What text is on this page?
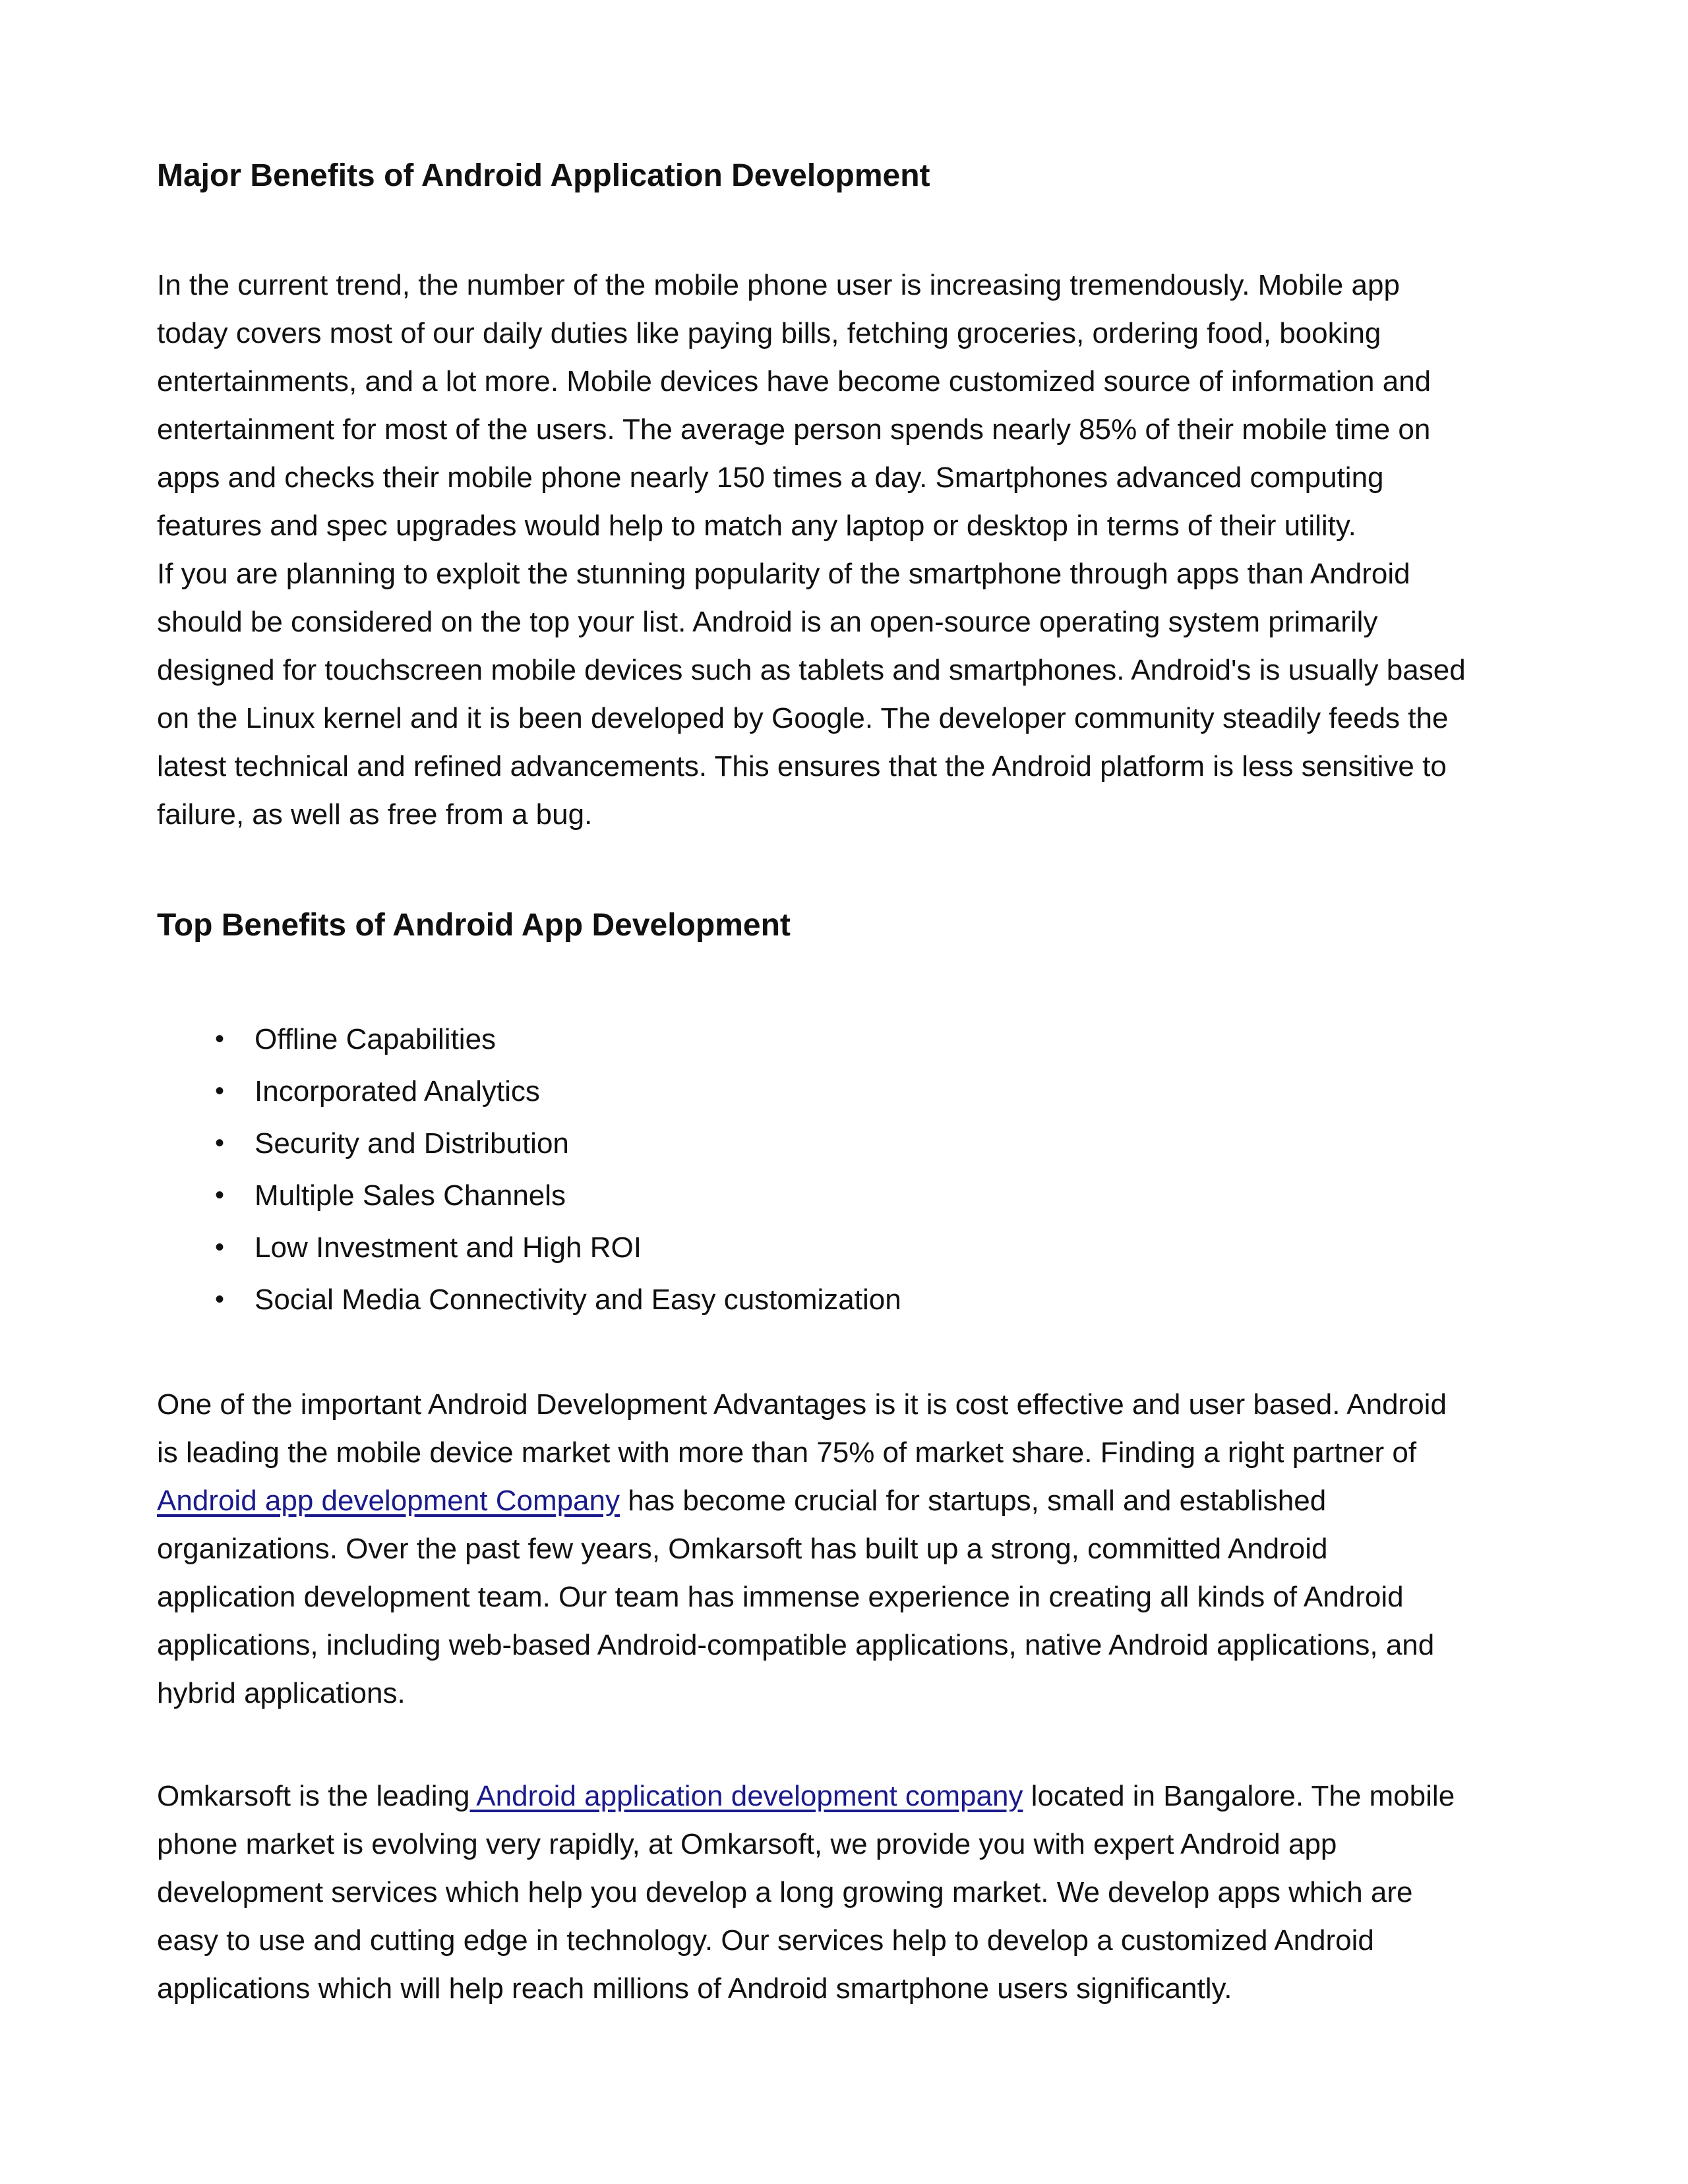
Major Benefits of Android Application Development
In the current trend, the number of the mobile phone user is increasing tremendously. Mobile app
today covers most of our daily duties like paying bills, fetching groceries, ordering food, booking
entertainments, and a lot more. Mobile devices have become customized source of information and
entertainment for most of the users. The average person spends nearly 85% of their mobile time on
apps and checks their mobile phone nearly 150 times a day. Smartphones advanced computing
features and spec upgrades would help to match any laptop or desktop in terms of their utility.
If you are planning to exploit the stunning popularity of the smartphone through apps than Android
should be considered on the top your list. Android is an open-source operating system primarily
designed for touchscreen mobile devices such as tablets and smartphones. Android's is usually based
on the Linux kernel and it is been developed by Google. The developer community steadily feeds the
latest technical and refined advancements. This ensures that the Android platform is less sensitive to
failure, as well as free from a bug.
Top Benefits of Android App Development
• Offline Capabilities
• Incorporated Analytics
• Security and Distribution
• Multiple Sales Channels
• Low Investment and High ROI
• Social Media Connectivity and Easy customization
One of the important Android Development Advantages is it is cost effective and user based. Android
is leading the mobile device market with more than 75% of market share. Finding a right partner of
Android app development Company has become crucial for startups, small and established
organizations. Over the past few years, Omkarsoft has built up a strong, committed Android
application development team. Our team has immense experience in creating all kinds of Android
applications, including web-based Android-compatible applications, native Android applications, and
hybrid applications.
Omkarsoft is the leading Android application development company located in Bangalore. The mobile
phone market is evolving very rapidly, at Omkarsoft, we provide you with expert Android app
development services which help you develop a long growing market. We develop apps which are
easy to use and cutting edge in technology. Our services help to develop a customized Android
applications which will help reach millions of Android smartphone users significantly.
